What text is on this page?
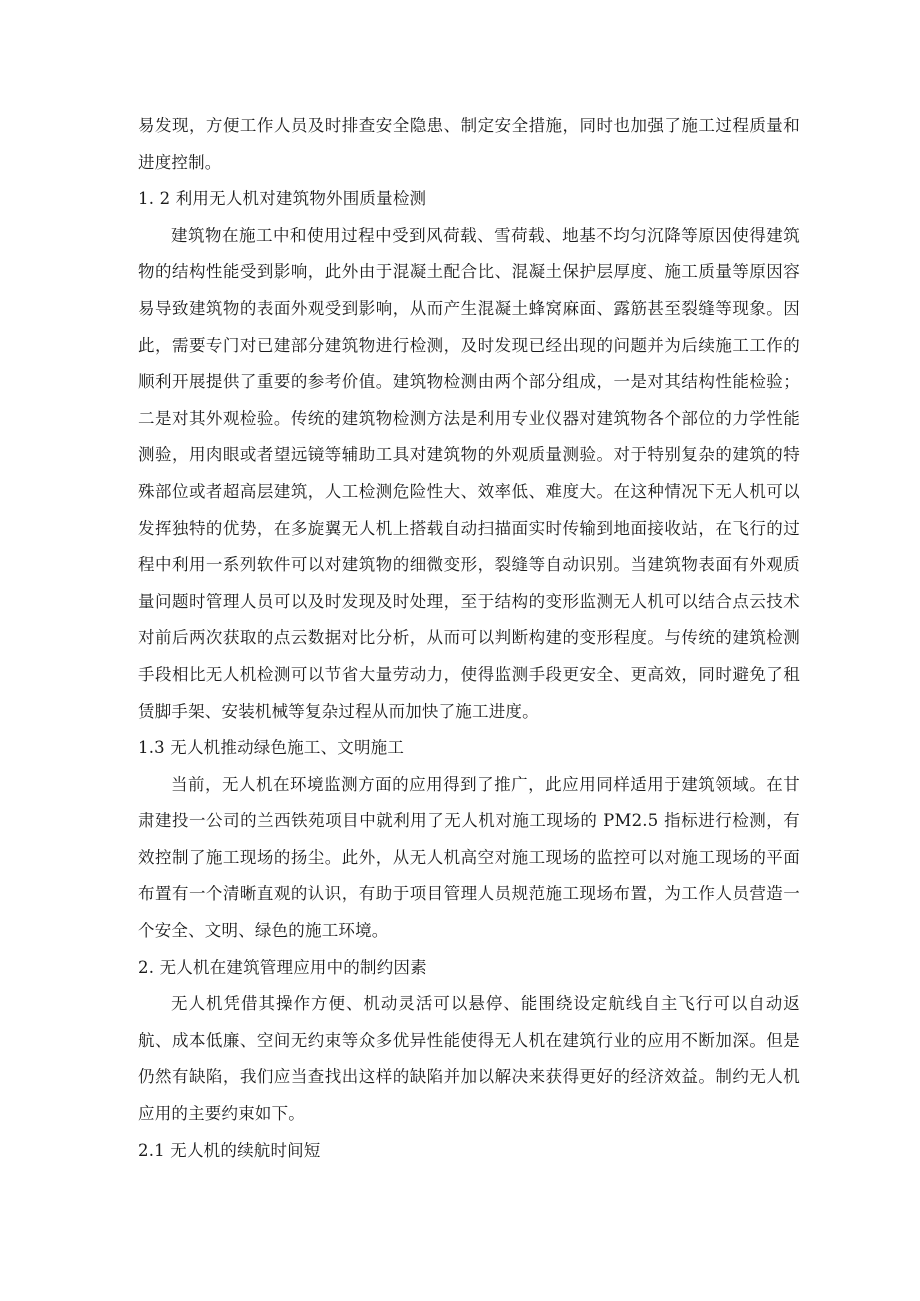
易发现，方便工作人员及时排查安全隐患、制定安全措施，同时也加强了施工过程质量和进度控制。

1. 2 利用无人机对建筑物外围质量检测

建筑物在施工中和使用过程中受到风荷载、雪荷载、地基不均匀沉降等原因使得建筑物的结构性能受到影响，此外由于混凝土配合比、混凝土保护层厚度、施工质量等原因容易导致建筑物的表面外观受到影响，从而产生混凝土蜂窝麻面、露筋甚至裂缝等现象。因此，需要专门对已建部分建筑物进行检测，及时发现已经出现的问题并为后续施工工作的顺利开展提供了重要的参考价值。建筑物检测由两个部分组成，一是对其结构性能检验；二是对其外观检验。传统的建筑物检测方法是利用专业仪器对建筑物各个部位的力学性能测验，用肉眼或者望远镜等辅助工具对建筑物的外观质量测验。对于特别复杂的建筑的特殊部位或者超高层建筑，人工检测危险性大、效率低、难度大。在这种情况下无人机可以发挥独特的优势，在多旋翼无人机上搭载自动扫描面实时传输到地面接收站，在飞行的过程中利用一系列软件可以对建筑物的细微变形，裂缝等自动识别。当建筑物表面有外观质量问题时管理人员可以及时发现及时处理，至于结构的变形监测无人机可以结合点云技术对前后两次获取的点云数据对比分析，从而可以判断构建的变形程度。与传统的建筑检测手段相比无人机检测可以节省大量劳动力，使得监测手段更安全、更高效，同时避免了租赁脚手架、安装机械等复杂过程从而加快了施工进度。

1.3 无人机推动绿色施工、文明施工

当前，无人机在环境监测方面的应用得到了推广，此应用同样适用于建筑领域。在甘肃建投一公司的兰西铁苑项目中就利用了无人机对施工现场的 PM2.5 指标进行检测，有效控制了施工现场的扬尘。此外，从无人机高空对施工现场的监控可以对施工现场的平面布置有一个清晰直观的认识，有助于项目管理人员规范施工现场布置，为工作人员营造一个安全、文明、绿色的施工环境。

2. 无人机在建筑管理应用中的制约因素

无人机凭借其操作方便、机动灵活可以悬停、能围绕设定航线自主飞行可以自动返航、成本低廉、空间无约束等众多优异性能使得无人机在建筑行业的应用不断加深。但是仍然有缺陷，我们应当查找出这样的缺陷并加以解决来获得更好的经济效益。制约无人机应用的主要约束如下。

2.1 无人机的续航时间短
